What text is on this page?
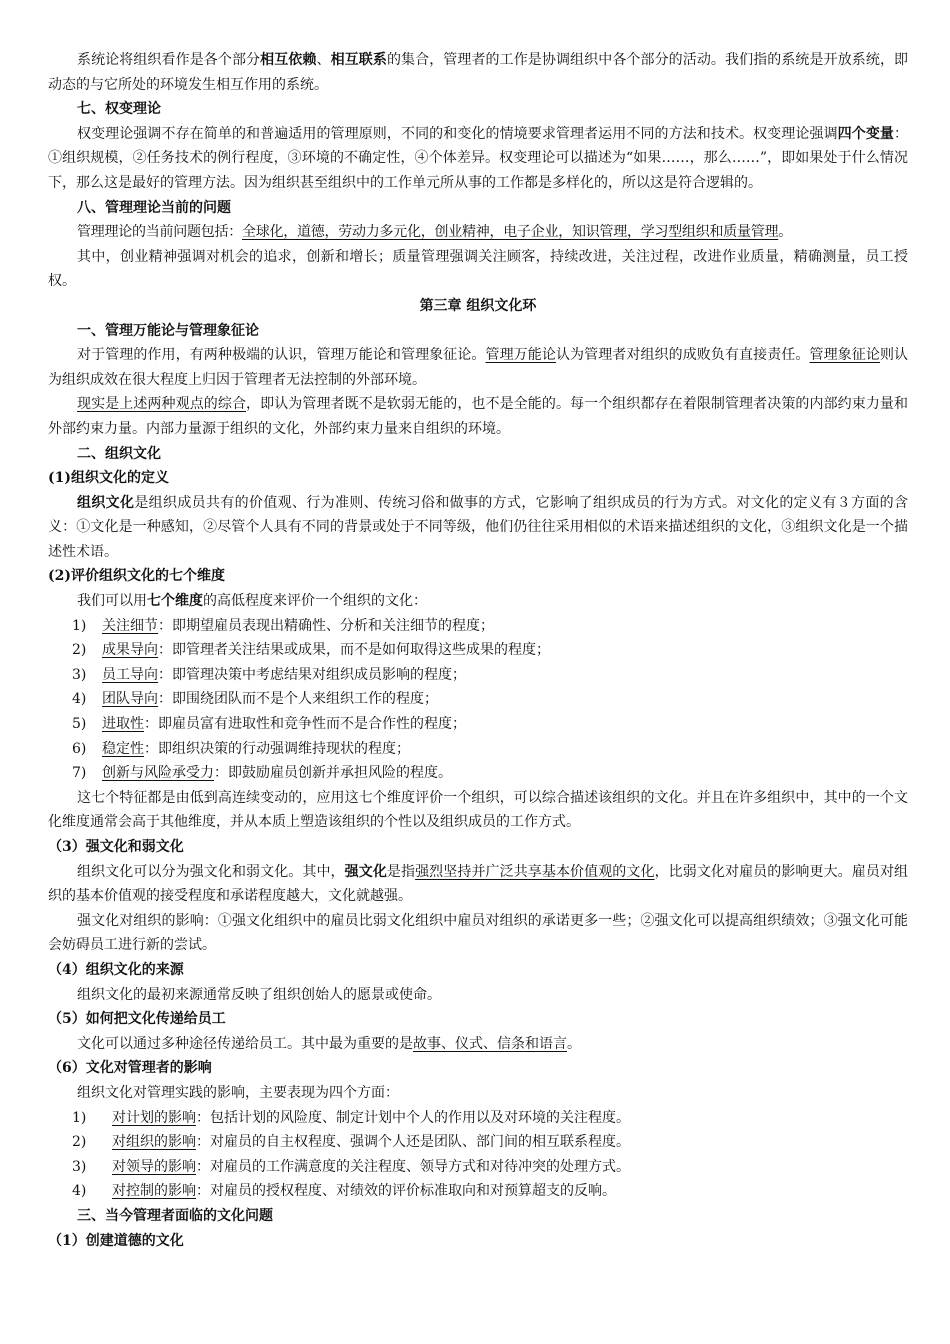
系统论将组织看作是各个部分相互依赖、相互联系的集合，管理者的工作是协调组织中各个部分的活动。我们指的系统是开放系统，即动态的与它所处的环境发生相互作用的系统。

七、权变理论

权变理论强调不存在简单的和普遍适用的管理原则，不同的和变化的情境要求管理者运用不同的方法和技术。权变理论强调四个变量：①组织规模，②任务技术的例行程度，③环境的不确定性，④个体差异。权变理论可以描述为“如果……，那么……”，即如果处于什么情况下，那么这是最好的管理方法。因为组织甚至组织中的工作单元所从事的工作都是多样化的，所以这是符合逻辑的。

八、管理理论当前的问题

管理理论的当前问题包括：全球化，道德，劳动力多元化，创业精神，电子企业，知识管理，学习型组织和质量管理。

其中，创业精神强调对机会的追求，创新和增长；质量管理强调关注顾客，持续改进，关注过程，改进作业质量，精确测量，员工授权。

第三章 组织文化环

一、管理万能论与管理象征论

对于管理的作用，有两种极端的认识，管理万能论和管理象征论。管理万能论认为管理者对组织的成败负有直接责任。管理象征论则认为组织成效在很大程度上归因于管理者无法控制的外部环境。

现实是上述两种观点的综合，即认为管理者既不是软弱无能的，也不是全能的。每一个组织都存在着限制管理者决策的内部约束力量和外部约束力量。内部力量源于组织的文化，外部约束力量来自组织的环境。

二、组织文化

(1)组织文化的定义

组织文化是组织成员共有的价值观、行为准则、传统习俗和做事的方式，它影响了组织成员的行为方式。对文化的定义有３方面的含义：①文化是一种感知，②尽管个人具有不同的背景或处于不同等级，他们仍往往采用相似的术语来描述组织的文化，③组织文化是一个描述性术语。

(2)评价组织文化的七个维度

我们可以用七个维度的高低程度来评价一个组织的文化：

1)	关注细节：即期望雇员表现出精确性、分析和关注细节的程度；

2)	成果导向：即管理者关注结果或成果，而不是如何取得这些成果的程度；

3)	员工导向：即管理决策中考虑结果对组织成员影响的程度；

4)	团队导向：即围绕团队而不是个人来组织工作的程度；

5)	进取性：即雇员富有进取性和竞争性而不是合作性的程度；

6)	稳定性：即组织决策的行动强调维持现状的程度；

7)	创新与风险承受力：即鼓励雇员创新并承担风险的程度。

这七个特征都是由低到高连续变动的，应用这七个维度评价一个组织，可以综合描述该组织的文化。并且在许多组织中，其中的一个文化维度通常会高于其他维度，并从本质上塑造该组织的个性以及组织成员的工作方式。

（3）强文化和弱文化

组织文化可以分为强文化和弱文化。其中，强文化是指强烈坚持并广泛共享基本价值观的文化，比弱文化对雇员的影响更大。雇员对组织的基本价值观的接受程度和承诺程度越大，文化就越强。

强文化对组织的影响：①强文化组织中的雇员比弱文化组织中雇员对组织的承诺更多一些；②强文化可以提高组织绩效；③强文化可能会妨碍员工进行新的尝试。

（4）组织文化的来源

组织文化的最初来源通常反映了组织创始人的愿景或使命。

（5）如何把文化传递给员工

文化可以通过多种途径传递给员工。其中最为重要的是故事、仪式、信条和语言。

（6）文化对管理者的影响

组织文化对管理实践的影响，主要表现为四个方面：

1)	对计划的影响：包括计划的风险度、制定计划中个人的作用以及对环境的关注程度。

2)	对组织的影响：对雇员的自主权程度、强调个人还是团队、部门间的相互联系程度。

3)	对领导的影响：对雇员的工作满意度的关注程度、领导方式和对待冲突的处理方式。

4)	对控制的影响：对雇员的授权程度、对绩效的评价标准取向和对预算超支的反响。

三、当今管理者面临的文化问题

（1）创建道德的文化
